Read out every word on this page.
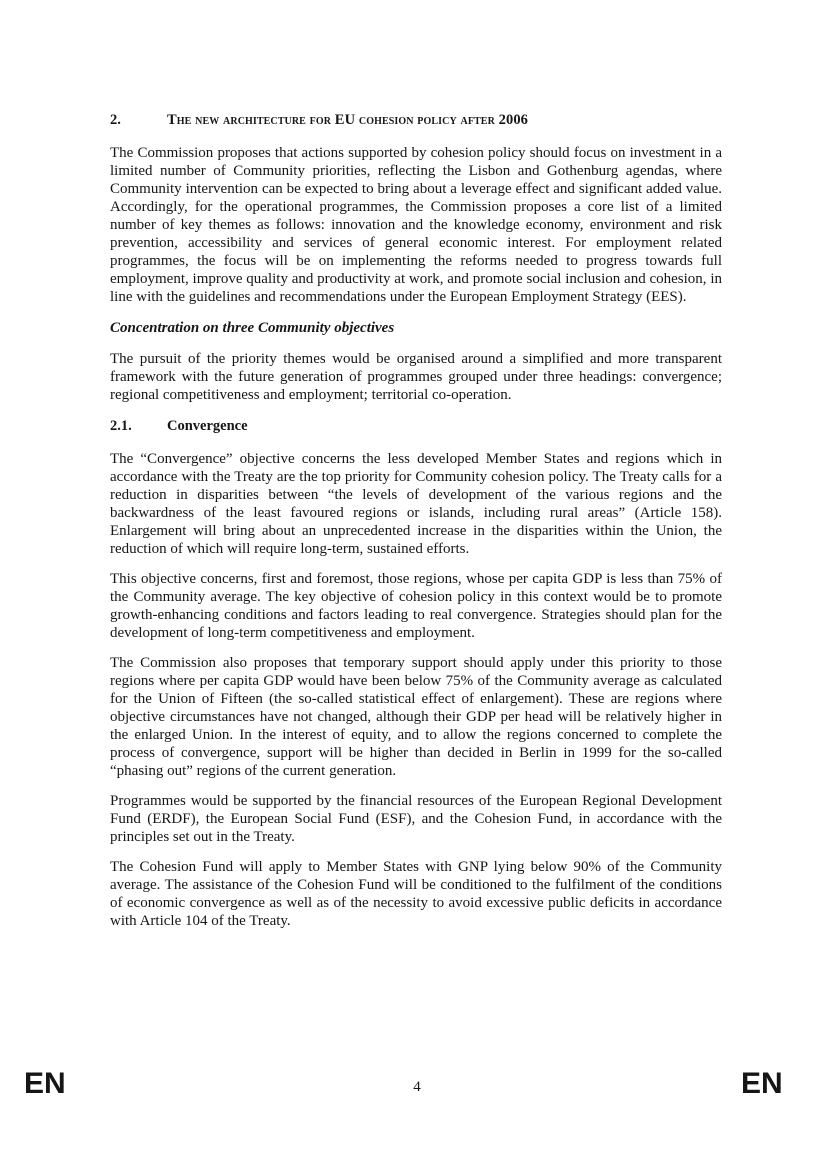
2.	The new architecture for EU cohesion policy after 2006

The Commission proposes that actions supported by cohesion policy should focus on investment in a limited number of Community priorities, reflecting the Lisbon and Gothenburg agendas, where Community intervention can be expected to bring about a leverage effect and significant added value. Accordingly, for the operational programmes, the Commission proposes a core list of a limited number of key themes as follows: innovation and the knowledge economy, environment and risk prevention, accessibility and services of general economic interest. For employment related programmes, the focus will be on implementing the reforms needed to progress towards full employment, improve quality and productivity at work, and promote social inclusion and cohesion, in line with the guidelines and recommendations under the European Employment Strategy (EES).

Concentration on three Community objectives

The pursuit of the priority themes would be organised around a simplified and more transparent framework with the future generation of programmes grouped under three headings: convergence; regional competitiveness and employment; territorial co-operation.

2.1.	Convergence

The “Convergence” objective concerns the less developed Member States and regions which in accordance with the Treaty are the top priority for Community cohesion policy. The Treaty calls for a reduction in disparities between “the levels of development of the various regions and the backwardness of the least favoured regions or islands, including rural areas” (Article 158). Enlargement will bring about an unprecedented increase in the disparities within the Union, the reduction of which will require long-term, sustained efforts.

This objective concerns, first and foremost, those regions, whose per capita GDP is less than 75% of the Community average. The key objective of cohesion policy in this context would be to promote growth-enhancing conditions and factors leading to real convergence. Strategies should plan for the development of long-term competitiveness and employment.

The Commission also proposes that temporary support should apply under this priority to those regions where per capita GDP would have been below 75% of the Community average as calculated for the Union of Fifteen (the so-called statistical effect of enlargement). These are regions where objective circumstances have not changed, although their GDP per head will be relatively higher in the enlarged Union. In the interest of equity, and to allow the regions concerned to complete the process of convergence, support will be higher than decided in Berlin in 1999 for the so-called “phasing out” regions of the current generation.

Programmes would be supported by the financial resources of the European Regional Development Fund (ERDF), the European Social Fund (ESF), and the Cohesion Fund, in accordance with the principles set out in the Treaty.

The Cohesion Fund will apply to Member States with GNP lying below 90% of the Community average. The assistance of the Cohesion Fund will be conditioned to the fulfilment of the conditions of economic convergence as well as of the necessity to avoid excessive public deficits in accordance with Article 104 of the Treaty.

EN	4	EN
